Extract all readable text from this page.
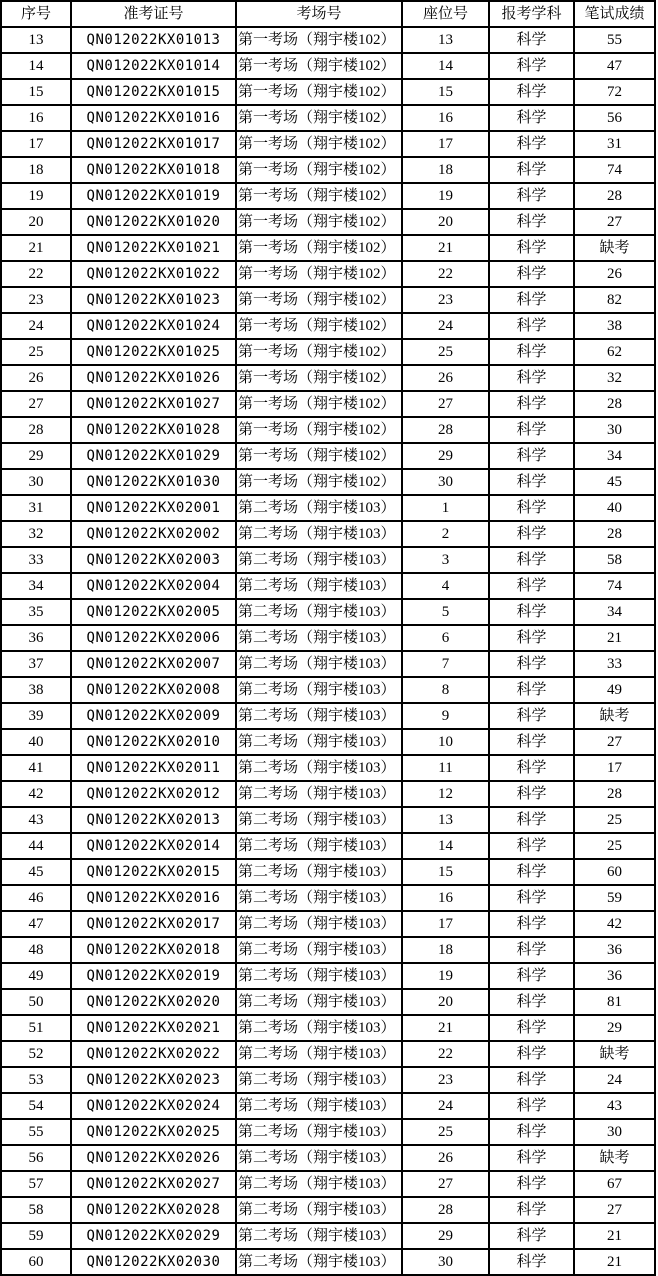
序号	准考证号	考场号	座位号	报考学科	笔试成绩
13	QN012022KX01013	第一考场（翔宇楼102）	13	科学	55
14	QN012022KX01014	第一考场（翔宇楼102）	14	科学	47
15	QN012022KX01015	第一考场（翔宇楼102）	15	科学	72
16	QN012022KX01016	第一考场（翔宇楼102）	16	科学	56
17	QN012022KX01017	第一考场（翔宇楼102）	17	科学	31
18	QN012022KX01018	第一考场（翔宇楼102）	18	科学	74
19	QN012022KX01019	第一考场（翔宇楼102）	19	科学	28
20	QN012022KX01020	第一考场（翔宇楼102）	20	科学	27
21	QN012022KX01021	第一考场（翔宇楼102）	21	科学	缺考
22	QN012022KX01022	第一考场（翔宇楼102）	22	科学	26
23	QN012022KX01023	第一考场（翔宇楼102）	23	科学	82
24	QN012022KX01024	第一考场（翔宇楼102）	24	科学	38
25	QN012022KX01025	第一考场（翔宇楼102）	25	科学	62
26	QN012022KX01026	第一考场（翔宇楼102）	26	科学	32
27	QN012022KX01027	第一考场（翔宇楼102）	27	科学	28
28	QN012022KX01028	第一考场（翔宇楼102）	28	科学	30
29	QN012022KX01029	第一考场（翔宇楼102）	29	科学	34
30	QN012022KX01030	第一考场（翔宇楼102）	30	科学	45
31	QN012022KX02001	第二考场（翔宇楼103）	1	科学	40
32	QN012022KX02002	第二考场（翔宇楼103）	2	科学	28
33	QN012022KX02003	第二考场（翔宇楼103）	3	科学	58
34	QN012022KX02004	第二考场（翔宇楼103）	4	科学	74
35	QN012022KX02005	第二考场（翔宇楼103）	5	科学	34
36	QN012022KX02006	第二考场（翔宇楼103）	6	科学	21
37	QN012022KX02007	第二考场（翔宇楼103）	7	科学	33
38	QN012022KX02008	第二考场（翔宇楼103）	8	科学	49
39	QN012022KX02009	第二考场（翔宇楼103）	9	科学	缺考
40	QN012022KX02010	第二考场（翔宇楼103）	10	科学	27
41	QN012022KX02011	第二考场（翔宇楼103）	11	科学	17
42	QN012022KX02012	第二考场（翔宇楼103）	12	科学	28
43	QN012022KX02013	第二考场（翔宇楼103）	13	科学	25
44	QN012022KX02014	第二考场（翔宇楼103）	14	科学	25
45	QN012022KX02015	第二考场（翔宇楼103）	15	科学	60
46	QN012022KX02016	第二考场（翔宇楼103）	16	科学	59
47	QN012022KX02017	第二考场（翔宇楼103）	17	科学	42
48	QN012022KX02018	第二考场（翔宇楼103）	18	科学	36
49	QN012022KX02019	第二考场（翔宇楼103）	19	科学	36
50	QN012022KX02020	第二考场（翔宇楼103）	20	科学	81
51	QN012022KX02021	第二考场（翔宇楼103）	21	科学	29
52	QN012022KX02022	第二考场（翔宇楼103）	22	科学	缺考
53	QN012022KX02023	第二考场（翔宇楼103）	23	科学	24
54	QN012022KX02024	第二考场（翔宇楼103）	24	科学	43
55	QN012022KX02025	第二考场（翔宇楼103）	25	科学	30
56	QN012022KX02026	第二考场（翔宇楼103）	26	科学	缺考
57	QN012022KX02027	第二考场（翔宇楼103）	27	科学	67
58	QN012022KX02028	第二考场（翔宇楼103）	28	科学	27
59	QN012022KX02029	第二考场（翔宇楼103）	29	科学	21
60	QN012022KX02030	第二考场（翔宇楼103）	30	科学	21
